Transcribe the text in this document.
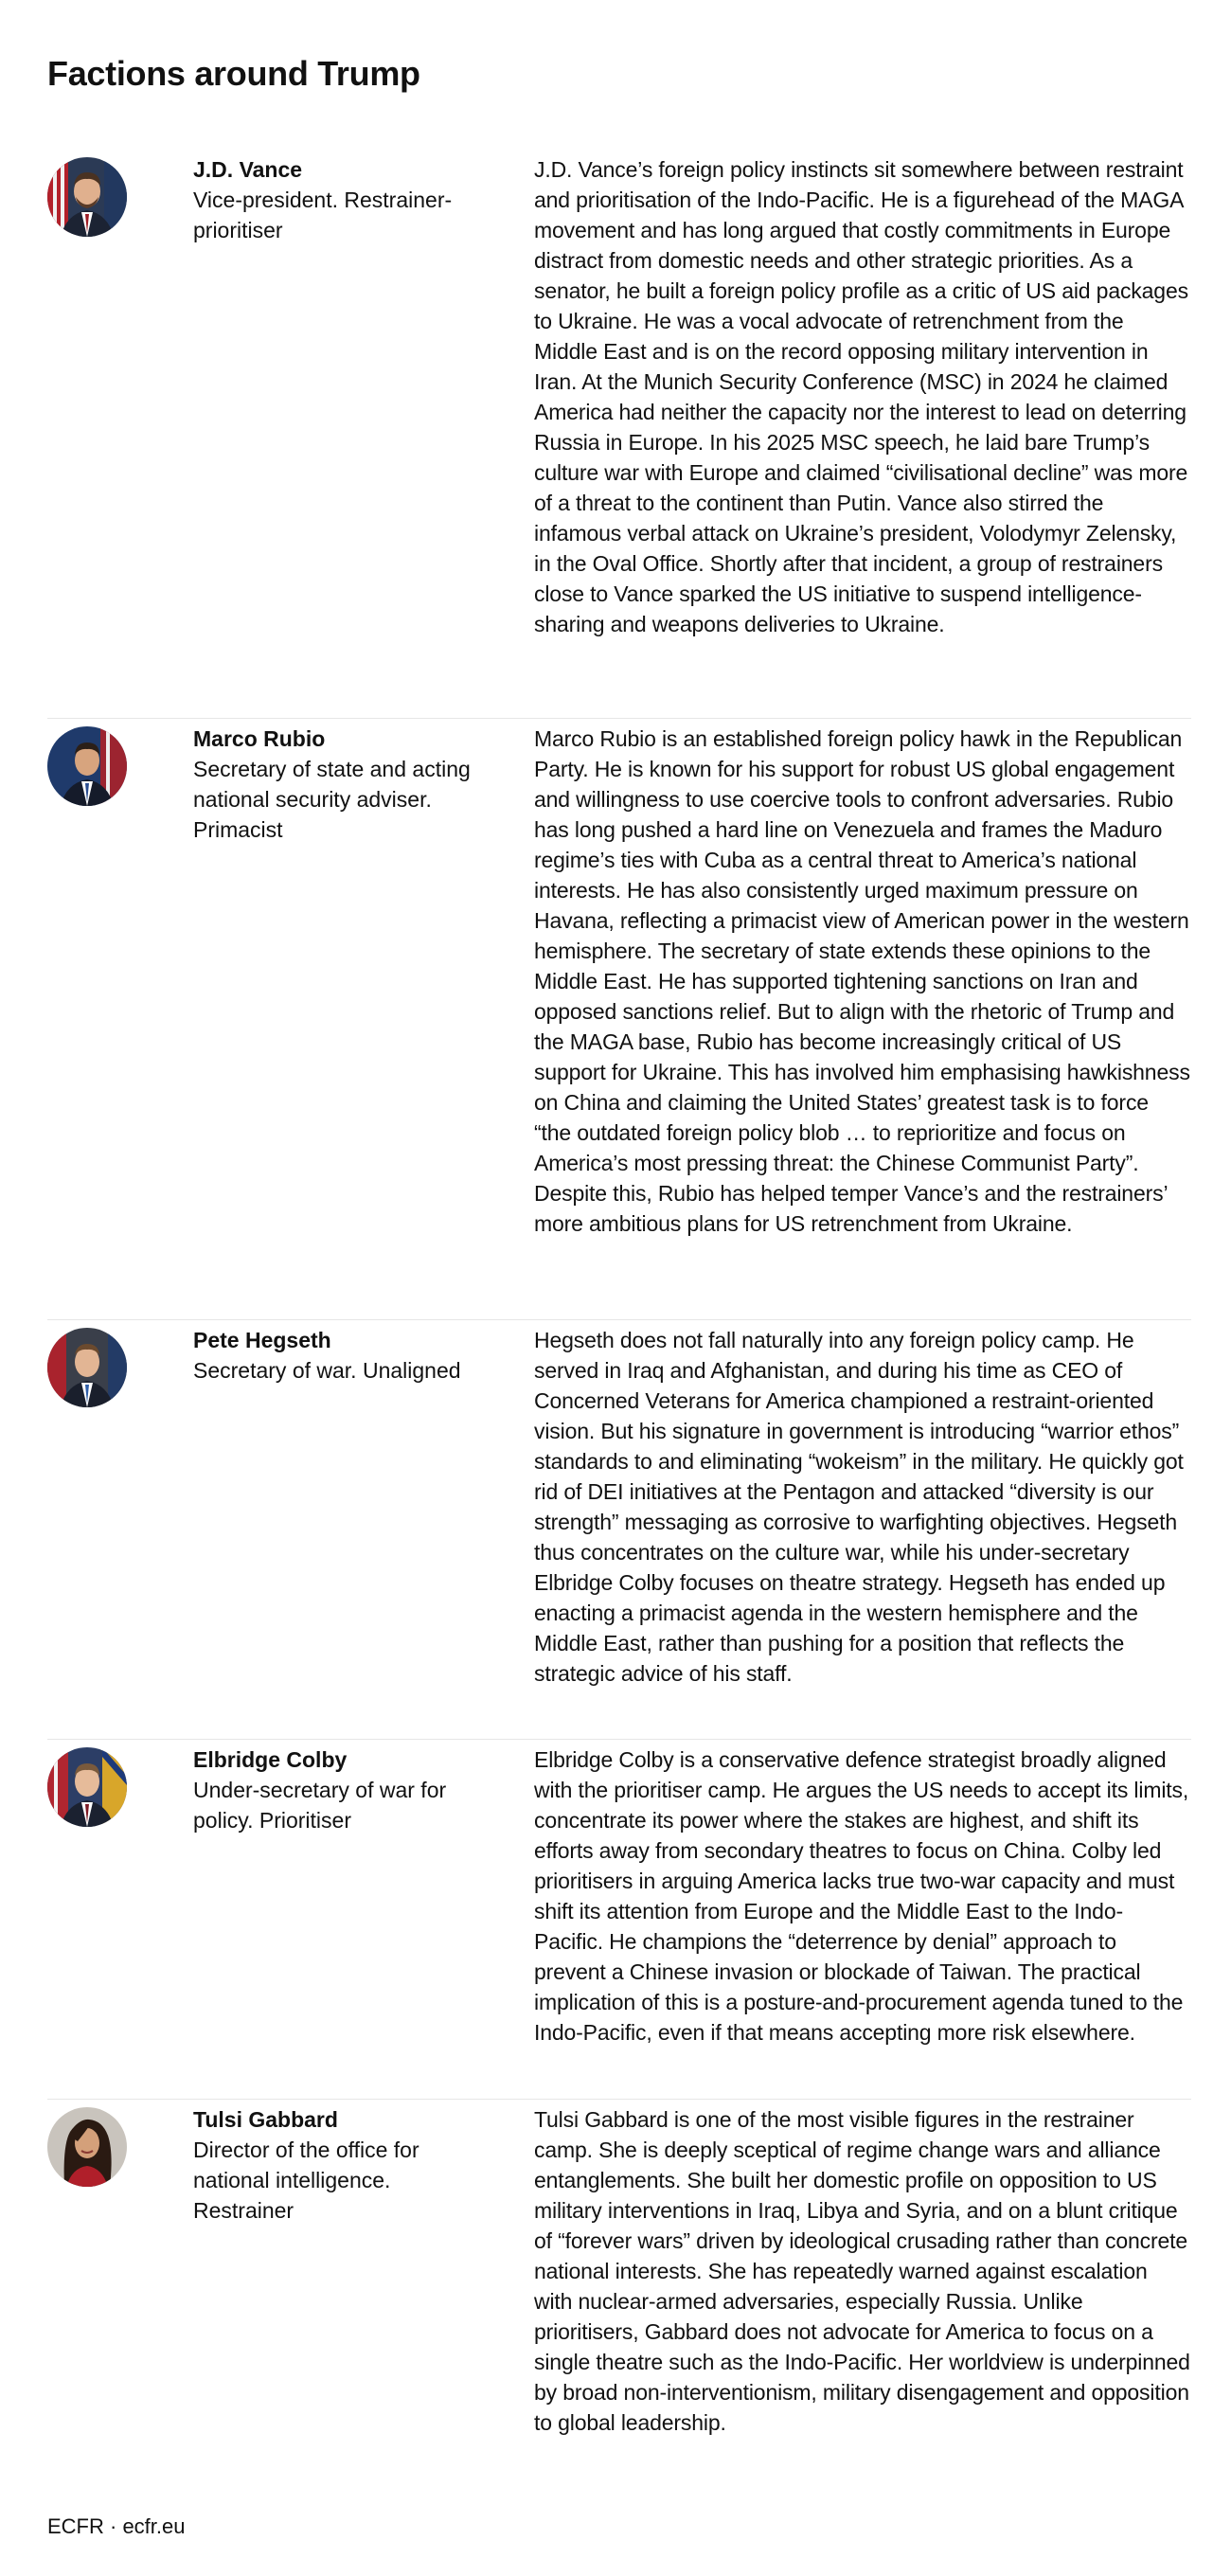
Factions around Trump
J.D. Vance
Vice-president. Restrainer-prioritiser
J.D. Vance’s foreign policy instincts sit somewhere between restraint and prioritisation of the Indo-Pacific. He is a figurehead of the MAGA movement and has long argued that costly commitments in Europe distract from domestic needs and other strategic priorities. As a senator, he built a foreign policy profile as a critic of US aid packages to Ukraine. He was a vocal advocate of retrenchment from the Middle East and is on the record opposing military intervention in Iran. At the Munich Security Conference (MSC) in 2024 he claimed America had neither the capacity nor the interest to lead on deterring Russia in Europe. In his 2025 MSC speech, he laid bare Trump’s culture war with Europe and claimed “civilisational decline” was more of a threat to the continent than Putin. Vance also stirred the infamous verbal attack on Ukraine’s president, Volodymyr Zelensky, in the Oval Office. Shortly after that incident, a group of restrainers close to Vance sparked the US initiative to suspend intelligence-sharing and weapons deliveries to Ukraine.
Marco Rubio
Secretary of state and acting national security adviser. Primacist
Marco Rubio is an established foreign policy hawk in the Republican Party. He is known for his support for robust US global engagement and willingness to use coercive tools to confront adversaries. Rubio has long pushed a hard line on Venezuela and frames the Maduro regime’s ties with Cuba as a central threat to America’s national interests. He has also consistently urged maximum pressure on Havana, reflecting a primacist view of American power in the western hemisphere. The secretary of state extends these opinions to the Middle East. He has supported tightening sanctions on Iran and opposed sanctions relief. But to align with the rhetoric of Trump and the MAGA base, Rubio has become increasingly critical of US support for Ukraine. This has involved him emphasising hawkishness on China and claiming the United States’ greatest task is to force “the outdated foreign policy blob … to reprioritize and focus on America’s most pressing threat: the Chinese Communist Party”. Despite this, Rubio has helped temper Vance’s and the restrainers’ more ambitious plans for US retrenchment from Ukraine.
Pete Hegseth
Secretary of war. Unaligned
Hegseth does not fall naturally into any foreign policy camp. He served in Iraq and Afghanistan, and during his time as CEO of Concerned Veterans for America championed a restraint-oriented vision. But his signature in government is introducing “warrior ethos” standards to and eliminating “wokeism” in the military. He quickly got rid of DEI initiatives at the Pentagon and attacked “diversity is our strength” messaging as corrosive to warfighting objectives. Hegseth thus concentrates on the culture war, while his under-secretary Elbridge Colby focuses on theatre strategy. Hegseth has ended up enacting a primacist agenda in the western hemisphere and the Middle East, rather than pushing for a position that reflects the strategic advice of his staff.
Elbridge Colby
Under-secretary of war for policy. Prioritiser
Elbridge Colby is a conservative defence strategist broadly aligned with the prioritiser camp. He argues the US needs to accept its limits, concentrate its power where the stakes are highest, and shift its efforts away from secondary theatres to focus on China. Colby led prioritisers in arguing America lacks true two-war capacity and must shift its attention from Europe and the Middle East to the Indo-Pacific. He champions the “deterrence by denial” approach to prevent a Chinese invasion or blockade of Taiwan. The practical implication of this is a posture-and-procurement agenda tuned to the Indo-Pacific, even if that means accepting more risk elsewhere.
Tulsi Gabbard
Director of the office for national intelligence. Restrainer
Tulsi Gabbard is one of the most visible figures in the restrainer camp. She is deeply sceptical of regime change wars and alliance entanglements. She built her domestic profile on opposition to US military interventions in Iraq, Libya and Syria, and on a blunt critique of “forever wars” driven by ideological crusading rather than concrete national interests. She has repeatedly warned against escalation with nuclear-armed adversaries, especially Russia. Unlike prioritisers, Gabbard does not advocate for America to focus on a single theatre such as the Indo-Pacific. Her worldview is underpinned by broad non-interventionism, military disengagement and opposition to global leadership.
ECFR · ecfr.eu
